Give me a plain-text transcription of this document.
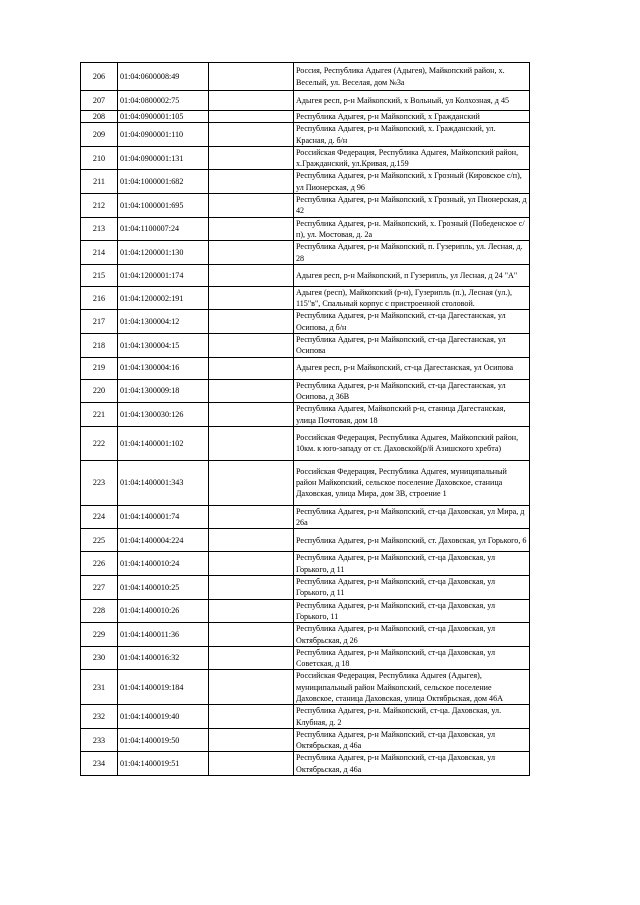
206	01:04:0600008:49		Россия, Республика Адыгея (Адыгея), Майкопский район, х. Веселый, ул. Веселая, дом №3а
207	01:04:0800002:75		Адыгея респ, р-н Майкопский, х Вольный, ул Колхозная, д 45
208	01:04:0900001:105		Республика Адыгея, р-н Майкопский, х Гражданский
209	01:04:0900001:110		Республика Адыгея, р-н Майкопский, х. Гражданский, ул. Красная, д. б/н
210	01:04:0900001:131		Российская Федерация, Республика Адыгея, Майкопский район, х.Гражданский, ул.Кривая, д.159
211	01:04:1000001:682		Республика Адыгея, р-н Майкопский, х Грозный (Кировское с/п), ул Пионерская, д 96
212	01:04:1000001:695		Республика Адыгея, р-н Майкопский, х Грозный, ул Пионерская, д 42
213	01:04:1100007:24		Республика Адыгея, р-н. Майкопский, х. Грозный (Победенское с/п), ул. Мостовая, д. 2а
214	01:04:1200001:130		Республика Адыгея, р-н Майкопский, п. Гузерипль, ул. Лесная, д. 28
215	01:04:1200001:174		Адыгея респ, р-н Майкопский, п Гузерипль, ул Лесная, д 24 "А"
216	01:04:1200002:191		Адыгея (респ), Майкопский (р-н), Гузерипль (п.), Лесная (ул.), 115"в", Спальный корпус с пристроенной столовой.
217	01:04:1300004:12		Республика Адыгея, р-н Майкопский, ст-ца Дагестанская, ул Осипова, д б/н
218	01:04:1300004:15		Республика Адыгея, р-н Майкопский, ст-ца Дагестанская, ул Осипова
219	01:04:1300004:16		Адыгея респ, р-н Майкопский, ст-ца Дагестанская, ул Осипова
220	01:04:1300009:18		Республика Адыгея, р-н Майкопский, ст-ца Дагестанская, ул Осипова, д 36В
221	01:04:1300030:126		Республика Адыгея, Майкопский р-н, станица Дагестанская, улица Почтовая, дом 18
222	01:04:1400001:102		Российская Федерация, Республика Адыгея, Майкопский район, 10км. к юго-западу от ст. Даховской(р/й Азишского хребта)
223	01:04:1400001:343		Российская Федерация, Республика Адыгея, муниципальный район Майкопский, сельское поселение Даховское, станица Даховская, улица Мира, дом 3В, строение 1
224	01:04:1400001:74		Республика Адыгея, р-н Майкопский, ст-ца Даховская, ул Мира, д 26а
225	01:04:1400004:224		Республика Адыгея, р-н Майкопский, ст. Даховская, ул Горького, 6
226	01:04:1400010:24		Республика Адыгея, р-н Майкопский, ст-ца Даховская, ул Горького, д 11
227	01:04:1400010:25		Республика Адыгея, р-н Майкопский, ст-ца Даховская, ул Горького, д 11
228	01:04:1400010:26		Республика Адыгея, р-н Майкопский, ст-ца Даховская, ул Горького, 11
229	01:04:1400011:36		Республика Адыгея, р-н Майкопский, ст-ца Даховская, ул Октябрьская, д 26
230	01:04:1400016:32		Республика Адыгея, р-н Майкопский, ст-ца Даховская, ул Советская, д 18
231	01:04:1400019:184		Российская Федерация, Республика Адыгея (Адыгея), муниципальный район Майкопский, сельское поселение Даховское, станица Даховская, улица Октябрьская, дом 46А
232	01:04:1400019:40		Республика Адыгея, р-н. Майкопский, ст-ца. Даховская, ул. Клубная, д. 2
233	01:04:1400019:50		Республика Адыгея, р-н Майкопский, ст-ца Даховская, ул Октябрьская, д 46а
234	01:04:1400019:51		Республика Адыгея, р-н Майкопский, ст-ца Даховская, ул Октябрьская, д 46а
